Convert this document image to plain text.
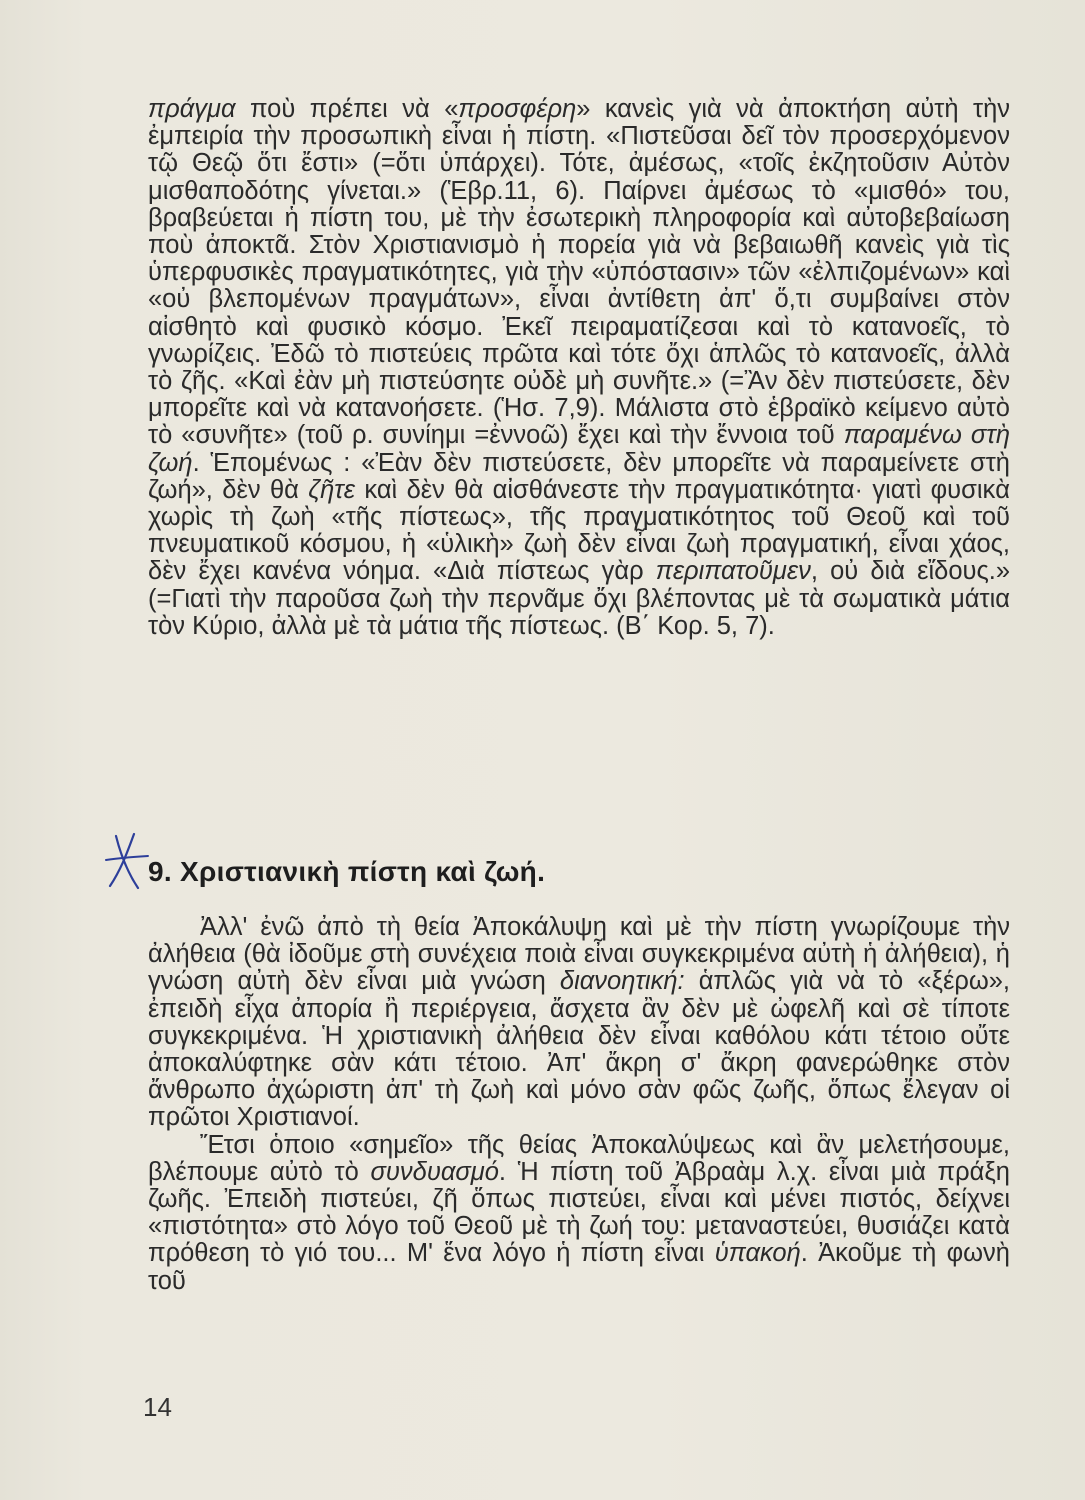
πράγμα ποὺ πρέπει νὰ «προσφέρη» κανεὶς γιὰ νὰ ἀποκτήση αὐτὴ τὴν ἐμπειρία τὴν προσωπικὴ εἶναι ἡ πίστη. «Πιστεῦσαι δεῖ τὸν προσερχόμενον τῷ Θεῷ ὅτι ἔστι» (=ὅτι ὑπάρχει). Τότε, ἀμέσως, «τοῖς ἐκζητοῦσιν Αὐτὸν μισθαποδότης γίνεται.» (Ἑβρ.11, 6). Παίρνει ἀμέσως τὸ «μισθό» του, βραβεύεται ἡ πίστη του, μὲ τὴν ἐσωτερικὴ πληροφορία καὶ αὐτοβεβαίωση ποὺ ἀποκτᾶ. Στὸν Χριστιανισμὸ ἡ πορεία γιὰ νὰ βεβαιωθῆ κανεὶς γιὰ τὶς ὑπερφυσικὲς πραγματικότητες, γιὰ τὴν «ὑπόστασιν» τῶν «ἐλπιζομένων» καὶ «οὐ βλεπομένων πραγμάτων», εἶναι ἀντίθετη ἀπ' ὅ,τι συμβαίνει στὸν αἰσθητὸ καὶ φυσικὸ κόσμο. Ἐκεῖ πειραματίζεσαι καὶ τὸ κατανοεῖς, τὸ γνωρίζεις. Ἐδῶ τὸ πιστεύεις πρῶτα καὶ τότε ὄχι ἁπλῶς τὸ κατανοεῖς, ἀλλὰ τὸ ζῆς. «Καὶ ἐὰν μὴ πιστεύσητε οὐδὲ μὴ συνῆτε.» (=Ἂν δὲν πιστεύσετε, δὲν μπορεῖτε καὶ νὰ κατανοήσετε. (Ἡσ. 7,9). Μάλιστα στὸ ἑβραϊκὸ κείμενο αὐτὸ τὸ «συνῆτε» (τοῦ ρ. συνίημι =ἐννοῶ) ἔχει καὶ τὴν ἔννοια τοῦ παραμένω στὴ ζωή. Ἑπομένως : «Ἐὰν δὲν πιστεύσετε, δὲν μπορεῖτε νὰ παραμείνετε στὴ ζωή», δὲν θὰ ζῆτε καὶ δὲν θὰ αἰσθάνεστε τὴν πραγματικότητα· γιατὶ φυσικὰ χωρὶς τὴ ζωὴ «τῆς πίστεως», τῆς πραγματικότητος τοῦ Θεοῦ καὶ τοῦ πνευματικοῦ κόσμου, ἡ «ὑλικὴ» ζωὴ δὲν εἶναι ζωὴ πραγματική, εἶναι χάος, δὲν ἔχει κανένα νόημα. «Διὰ πίστεως γὰρ περιπατοῦμεν, οὐ διὰ εἴδους.» (=Γιατὶ τὴν παροῦσα ζωὴ τὴν περνᾶμε ὄχι βλέποντας μὲ τὰ σωματικὰ μάτια τὸν Κύριο, ἀλλὰ μὲ τὰ μάτια τῆς πίστεως. (Β΄ Κορ. 5, 7).

9. Χριστιανικὴ πίστη καὶ ζωή.

Ἀλλ' ἐνῶ ἀπὸ τὴ θεία Ἀποκάλυψη καὶ μὲ τὴν πίστη γνωρίζουμε τὴν ἀλήθεια (θὰ ἰδοῦμε στὴ συνέχεια ποιὰ εἶναι συγκεκριμένα αὐτὴ ἡ ἀλήθεια), ἡ γνώση αὐτὴ δὲν εἶναι μιὰ γνώση διανοητική: ἁπλῶς γιὰ νὰ τὸ «ξέρω», ἐπειδὴ εἶχα ἀπορία ἢ περιέργεια, ἄσχετα ἂν δὲν μὲ ὠφελῆ καὶ σὲ τίποτε συγκεκριμένα. Ἡ χριστιανικὴ ἀλήθεια δὲν εἶναι καθόλου κάτι τέτοιο οὔτε ἀποκαλύφτηκε σὰν κάτι τέτοιο. Ἀπ' ἄκρη σ' ἄκρη φανερώθηκε στὸν ἄνθρωπο ἀχώριστη ἀπ' τὴ ζωὴ καὶ μόνο σὰν φῶς ζωῆς, ὅπως ἔλεγαν οἱ πρῶτοι Χριστιανοί.

Ἔτσι ὁποιο «σημεῖο» τῆς θείας Ἀποκαλύψεως καὶ ἂν μελετήσουμε, βλέπουμε αὐτὸ τὸ συνδυασμό. Ἡ πίστη τοῦ Ἀβραὰμ λ.χ. εἶναι μιὰ πράξη ζωῆς. Ἐπειδὴ πιστεύει, ζῆ ὅπως πιστεύει, εἶναι καὶ μένει πιστός, δείχνει «πιστότητα» στὸ λόγο τοῦ Θεοῦ μὲ τὴ ζωή του: μεταναστεύει, θυσιάζει κατὰ πρόθεση τὸ γιό του... Μ' ἕνα λόγο ἡ πίστη εἶναι ὑπακοή. Ἀκοῦμε τὴ φωνὴ τοῦ

14
